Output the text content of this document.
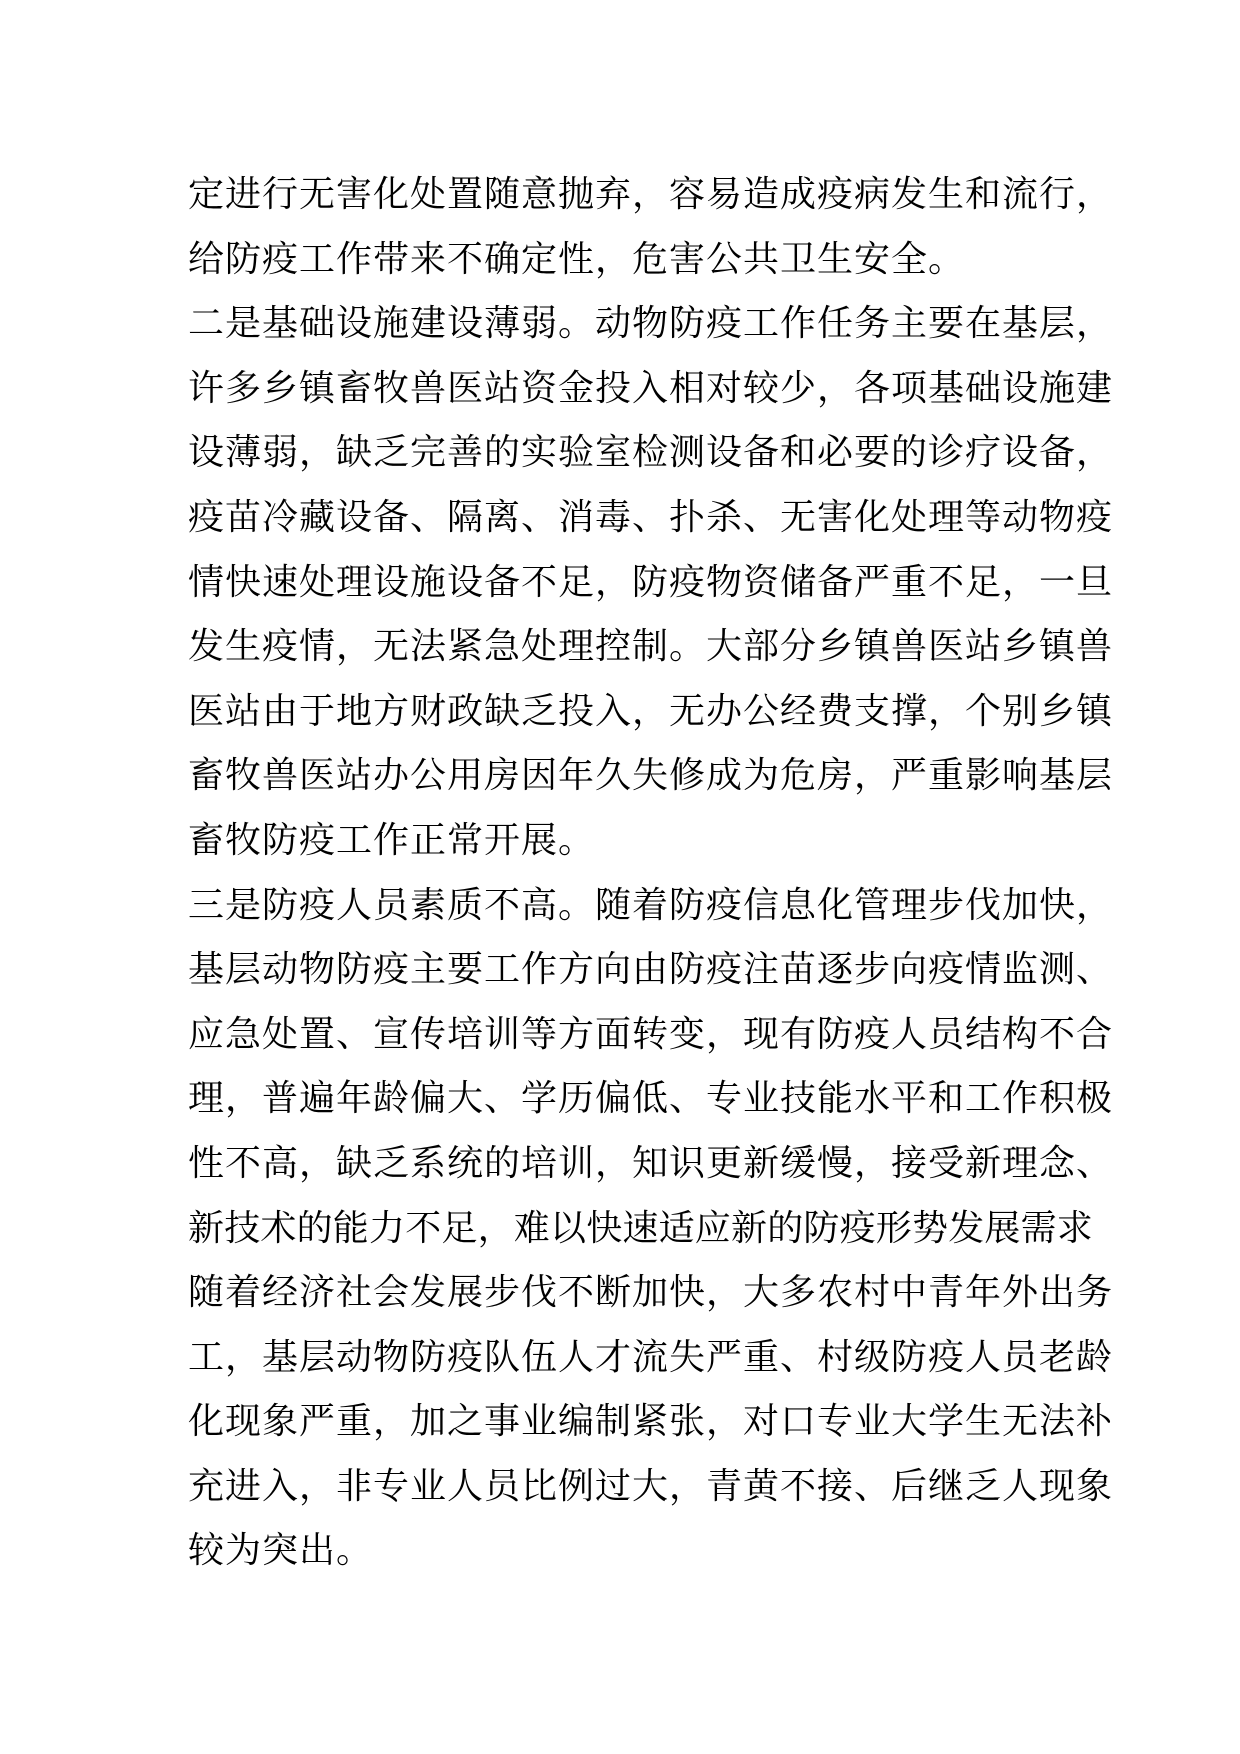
定进行无害化处置随意抛弃，容易造成疫病发生和流行，
给防疫工作带来不确定性，危害公共卫生安全。
二是基础设施建设薄弱。动物防疫工作任务主要在基层，
许多乡镇畜牧兽医站资金投入相对较少，各项基础设施建
设薄弱，缺乏完善的实验室检测设备和必要的诊疗设备，
疫苗冷藏设备、隔离、消毒、扑杀、无害化处理等动物疫
情快速处理设施设备不足，防疫物资储备严重不足，一旦
发生疫情，无法紧急处理控制。大部分乡镇兽医站乡镇兽
医站由于地方财政缺乏投入，无办公经费支撑，个别乡镇
畜牧兽医站办公用房因年久失修成为危房，严重影响基层
畜牧防疫工作正常开展。
三是防疫人员素质不高。随着防疫信息化管理步伐加快，
基层动物防疫主要工作方向由防疫注苗逐步向疫情监测、
应急处置、宣传培训等方面转变，现有防疫人员结构不合
理，普遍年龄偏大、学历偏低、专业技能水平和工作积极
性不高，缺乏系统的培训，知识更新缓慢，接受新理念、
新技术的能力不足，难以快速适应新的防疫形势发展需求
随着经济社会发展步伐不断加快，大多农村中青年外出务
工，基层动物防疫队伍人才流失严重、村级防疫人员老龄
化现象严重，加之事业编制紧张，对口专业大学生无法补
充进入，非专业人员比例过大，青黄不接、后继乏人现象
较为突出。
